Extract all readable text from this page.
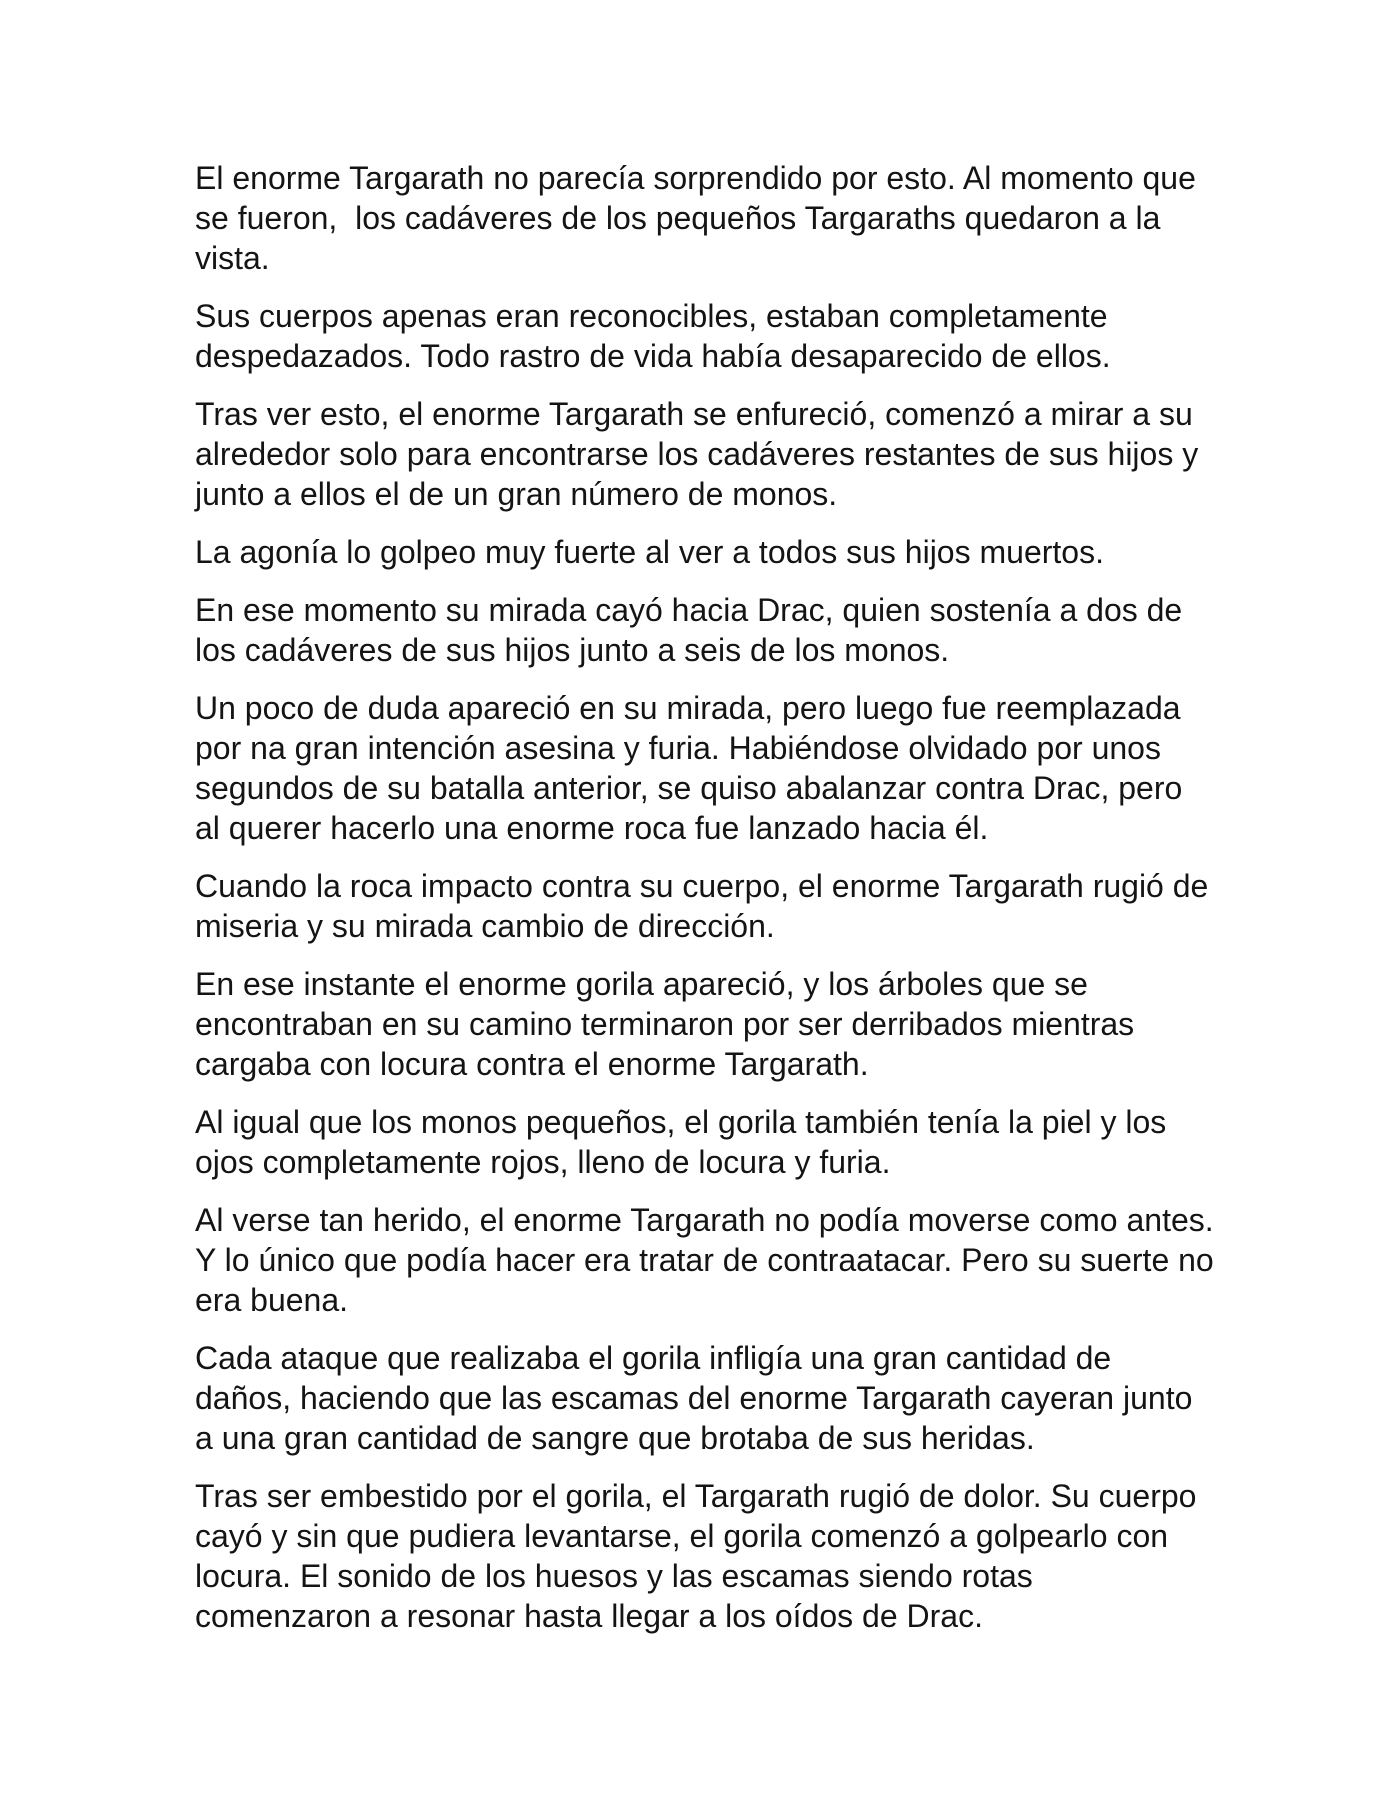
El enorme Targarath no parecía sorprendido por esto. Al momento que se fueron,  los cadáveres de los pequeños Targaraths quedaron a la vista.

Sus cuerpos apenas eran reconocibles, estaban completamente despedazados. Todo rastro de vida había desaparecido de ellos.

Tras ver esto, el enorme Targarath se enfureció, comenzó a mirar a su alrededor solo para encontrarse los cadáveres restantes de sus hijos y junto a ellos el de un gran número de monos.

La agonía lo golpeo muy fuerte al ver a todos sus hijos muertos.

En ese momento su mirada cayó hacia Drac, quien sostenía a dos de los cadáveres de sus hijos junto a seis de los monos.

Un poco de duda apareció en su mirada, pero luego fue reemplazada por na gran intención asesina y furia. Habiéndose olvidado por unos segundos de su batalla anterior, se quiso abalanzar contra Drac, pero al querer hacerlo una enorme roca fue lanzado hacia él.

Cuando la roca impacto contra su cuerpo, el enorme Targarath rugió de miseria y su mirada cambio de dirección.

En ese instante el enorme gorila apareció, y los árboles que se encontraban en su camino terminaron por ser derribados mientras cargaba con locura contra el enorme Targarath.

Al igual que los monos pequeños, el gorila también tenía la piel y los ojos completamente rojos, lleno de locura y furia.

Al verse tan herido, el enorme Targarath no podía moverse como antes. Y lo único que podía hacer era tratar de contraatacar. Pero su suerte no era buena.

Cada ataque que realizaba el gorila infligía una gran cantidad de daños, haciendo que las escamas del enorme Targarath cayeran junto a una gran cantidad de sangre que brotaba de sus heridas.

Tras ser embestido por el gorila, el Targarath rugió de dolor. Su cuerpo cayó y sin que pudiera levantarse, el gorila comenzó a golpearlo con locura. El sonido de los huesos y las escamas siendo rotas comenzaron a resonar hasta llegar a los oídos de Drac.
